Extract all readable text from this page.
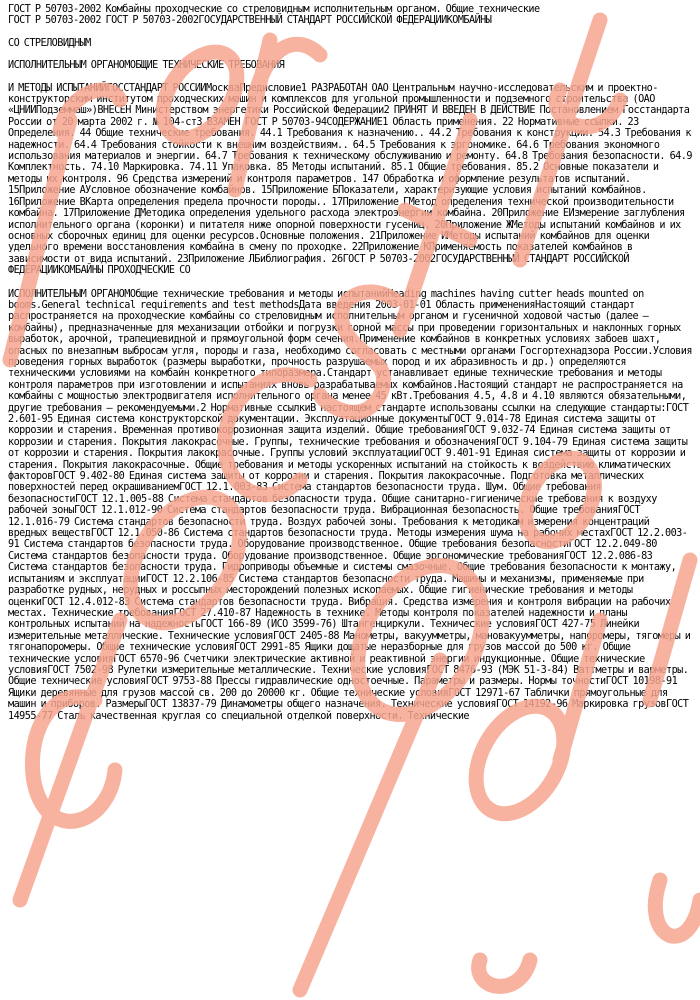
ГОСТ Р 50703-2002 Комбайны проходческие со стреловидным исполнительным органом. Общие технические

ГОСТ Р 50703-2002 ГОСТ Р 50703-2002ГОСУДАРСТВЕННЫЙ СТАНДАРТ РОССИЙСКОЙ ФЕДЕРАЦИИКОМБАЙНЫ

СО СТРЕЛОВИДНЫМ

ИСПОЛНИТЕЛЬНЫМ ОРГАНОМОБЩИЕ ТЕХНИЧЕСКИЕ ТРЕБОВАНИЯ

И МЕТОДЫ ИСПЫТАНИЙГОССТАНДАРТ РОССИИМоскваПредисловие1 РАЗРАБОТАН ОАО Центральным научно-исследовательским и проектно-конструкторским институтом проходческих машин и комплексов для угольной промышленности и подземного строительства (ОАО «ЦНИИПодземмаш»)ВНЕСЕН Министерством энергетики Российской Федерации2 ПРИНЯТ И ВВЕДЕН В ДЕЙСТВИЕ Постановлением Госстандарта России от 20 марта 2002 г. № 104-ст3 ВЗАМЕН ГОСТ Р 50703-94СОДЕРЖАНИЕ1 Область применения. 22 Нормативные ссылки. 23 Определения. 44 Общие технические требования. 44.1 Требования к назначению.. 44.2 Требования к конструкции. 54.3 Требования к надежности. 64.4 Требования стойкости к внешним воздействиям.. 64.5 Требования к эргономике. 64.6 Требования экономного использования материалов и энергии. 64.7 Требования к техническому обслуживанию и ремонту. 64.8 Требования безопасности. 64.9 Комплектность. 74.10 Маркировка. 74.11 Упаковка. 85 Методы испытаний. 85.1 Общие требования. 85.2 Основные показатели и методы их контроля. 96 Средства измерений и контроля параметров. 147 Обработка и оформление результатов испытаний. 15Приложение АУсловное обозначение комбайнов. 15Приложение БПоказатели, характеризующие условия испытаний комбайнов. 16Приложение ВКарта определения предела прочности породы.. 17Приложение ГМетод определения технической производительности комбайна. 17Приложение ДМетодика определения удельного расхода электроэнергии комбайна. 20Приложение ЕИзмерение заглубления исполнительного органа (коронки) и питателя ниже опорной поверхности гусениц. 20Приложение ЖМетоды испытаний комбайнов и их основных сборочных единиц для оценки ресурсов.Основные положения. 21Приложение ИМетоды испытаний комбайнов для оценки удельного времени восстановления комбайна в смену по проходке. 22Приложение КПрименяемость показателей комбайнов в зависимости от вида испытаний. 23Приложение ЛБиблиография. 26ГОСТ Р 50703-2002ГОСУДАРСТВЕННЫЙ СТАНДАРТ РОССИЙСКОЙ ФЕДЕРАЦИИКОМБАЙНЫ ПРОХОДЧЕСКИЕ СО

ИСПОЛНИТЕЛЬНЫМ ОРГАНОМОбщие технические требования и методы испытанийHeading machines having cutter heads mounted on booms.General technical requirements and test methodsДата введения 2003-01-01 Область примененияНастоящий стандарт распространяется на проходческие комбайны со стреловидным исполнительным органом и гусеничной ходовой частью (далее — комбайны), предназначенные для механизации отбойки и погрузки горной массы при проведении горизонтальных и наклонных горных выработок, арочной, трапециевидной и прямоугольной форм сечения.Применение комбайнов в конкретных условиях забоев шахт, опасных по внезапным выбросам угля, породы и газа, необходимо согласовать с местными органами Госгортехнадзора России.Условия проведения горных выработок (размеры выработки, прочность разрушаемых пород и их абразивность и др.) определяются техническими условиями на комбайн конкретного типоразмера.Стандарт устанавливает единые технические требования и методы контроля параметров при изготовлении и испытаниях вновь разрабатываемых комбайнов.Настоящий стандарт не распространяется на комбайны с мощностью электродвигателя исполнительного органа менее 45 кВт.Требования 4.5, 4.8 и 4.10 являются обязательными, другие требования — рекомендуемыми.2 Нормативные ссылкиВ настоящем стандарте использованы ссылки на следующие стандарты:ГОСТ 2.601-95 Единая система конструкторской документации. Эксплуатационные документыГОСТ 9.014-78 Единая система защиты от коррозии и старения. Временная противокоррозионная защита изделий. Общие требованияГОСТ 9.032-74 Единая система защиты от коррозии и старения. Покрытия лакокрасочные. Группы, технические требования и обозначенияГОСТ 9.104-79 Единая система защиты от коррозии и старения. Покрытия лакокрасочные. Группы условий эксплуатацииГОСТ 9.401-91 Единая система защиты от коррозии и старения. Покрытия лакокрасочные. Общие требования и методы ускоренных испытаний на стойкость к воздействию климатических факторовГОСТ 9.402-80 Единая система защиты от коррозии и старения. Покрытия лакокрасочные. Подготовка металлических поверхностей перед окрашиваниемГОСТ 12.1.003-83 Система стандартов безопасности труда. Шум. Общие требования безопасностиГОСТ 12.1.005-88 Система стандартов безопасности труда. Общие санитарно-гигиенические требования к воздуху рабочей зоныГОСТ 12.1.012-90 Система стандартов безопасности труда. Вибрационная безопасность. Общие требованияГОСТ 12.1.016-79 Система стандартов безопасности труда. Воздух рабочей зоны. Требования к методикам измерения концентраций вредных веществГОСТ 12.1.050-86 Система стандартов безопасности труда. Методы измерения шума на рабочих местахГОСТ 12.2.003-91 Система стандартов безопасности труда. Оборудование производственное. Общие требования безопасностиГОСТ 12.2.049-80 Система стандартов безопасности труда. Оборудование производственное. Общие эргономические требованияГОСТ 12.2.086-83 Система стандартов безопасности труда. Гидроприводы объемные и системы смазочные. Общие требования безопасности к монтажу, испытаниям и эксплуатацииГОСТ 12.2.106-85 Система стандартов безопасности труда. Машины и механизмы, применяемые при разработке рудных, нерудных и россыпных месторождений полезных ископаемых. Общие гигиенические требования и методы оценкиГОСТ 12.4.012-83 Система стандартов безопасности труда. Вибрация. Средства измерения и контроля вибрации на рабочих местах. Технические требованияГОСТ 27.410-87 Надежность в технике. Методы контроля показателей надежности и планы контрольных испытаний на надежностьГОСТ 166-89 (ИСО 3599-76) Штангенциркули. Технические условияГОСТ 427-75 Линейки измерительные металлические. Технические условияГОСТ 2405-88 Манометры, вакуумметры, мановакуумметры, напоромеры, тягомеры и тягонапоромеры. Общие технические условияГОСТ 2991-85 Ящики дощатые неразборные для грузов массой до 500 кг. Общие технические условияГОСТ 6570-96 Счетчики электрические активной и реактивной энергии индукционные. Общие технические условияГОСТ 7502-98 Рулетки измерительные металлические. Технические условияГОСТ 8476-93 (МЭК 51-3-84) Ваттметры и варметры. Общие технические условияГОСТ 9753-88 Прессы гидравлические одностоечные. Параметры и размеры. Нормы точностиГОСТ 10198-91 Ящики деревянные для грузов массой св. 200 до 20000 кг. Общие технические условияГОСТ 12971-67 Таблички прямоугольные для машин и приборов. РазмерыГОСТ 13837-79 Динамометры общего назначения. Технические условияГОСТ 14192-96 Маркировка грузовГОСТ 14955-77 Сталь качественная круглая со специальной отделкой поверхности. Технические
